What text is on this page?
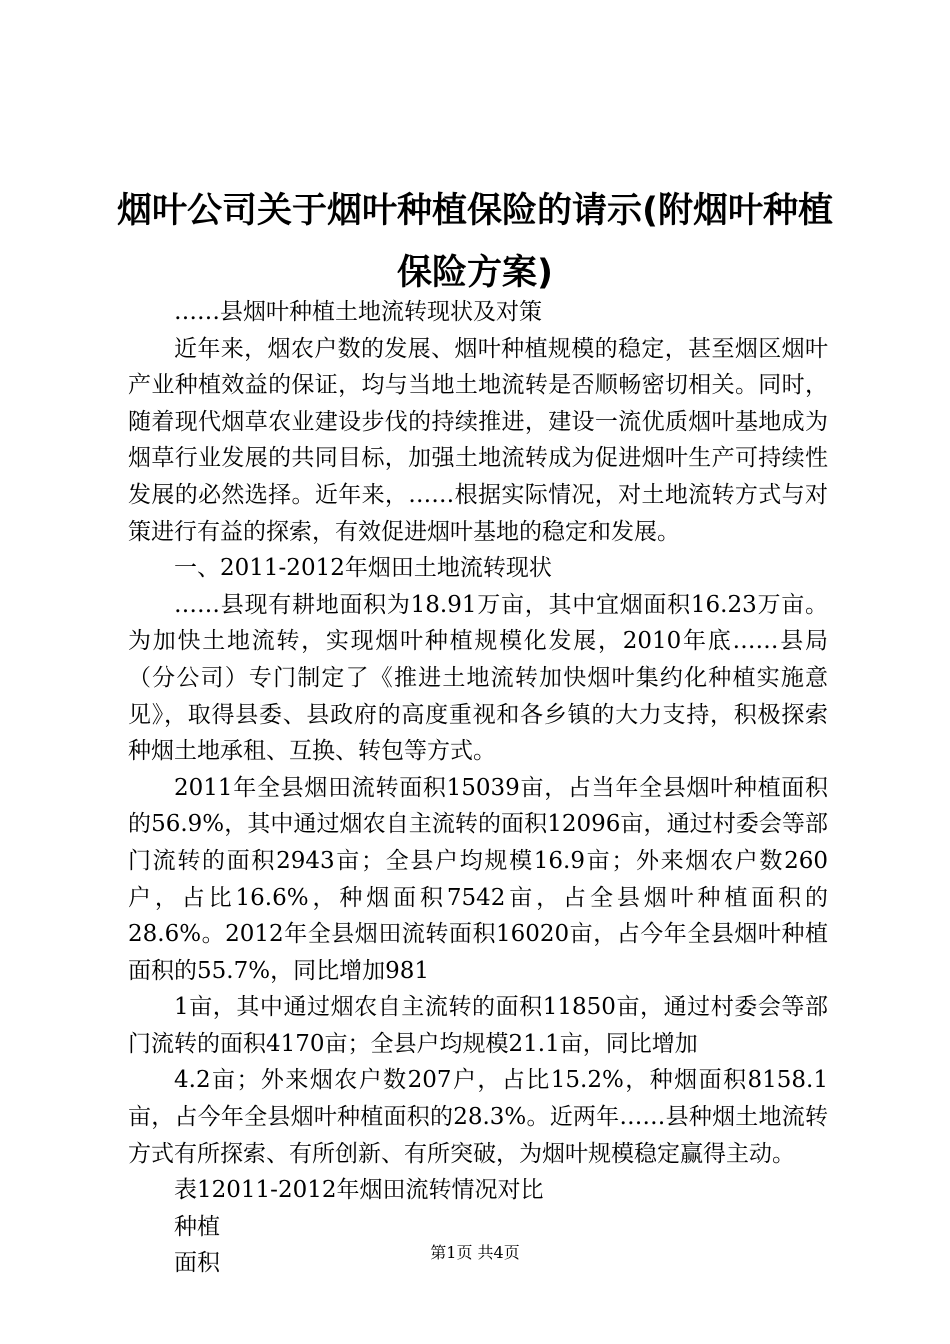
烟叶公司关于烟叶种植保险的请示(附烟叶种植保险方案)

……县烟叶种植土地流转现状及对策

近年来，烟农户数的发展、烟叶种植规模的稳定，甚至烟区烟叶产业种植效益的保证，均与当地土地流转是否顺畅密切相关。同时，随着现代烟草农业建设步伐的持续推进，建设一流优质烟叶基地成为烟草行业发展的共同目标，加强土地流转成为促进烟叶生产可持续性发展的必然选择。近年来，……根据实际情况，对土地流转方式与对策进行有益的探索，有效促进烟叶基地的稳定和发展。

一、2011-2012年烟田土地流转现状

……县现有耕地面积为18.91万亩，其中宜烟面积16.23万亩。为加快土地流转，实现烟叶种植规模化发展，2010年底……县局（分公司）专门制定了《推进土地流转加快烟叶集约化种植实施意见》，取得县委、县政府的高度重视和各乡镇的大力支持，积极探索种烟土地承租、互换、转包等方式。

2011年全县烟田流转面积15039亩，占当年全县烟叶种植面积的56.9%，其中通过烟农自主流转的面积12096亩，通过村委会等部门流转的面积2943亩；全县户均规模16.9亩；外来烟农户数260户，占比16.6%，种烟面积7542亩，占全县烟叶种植面积的28.6%。2012年全县烟田流转面积16020亩，占今年全县烟叶种植面积的55.7%，同比增加981

1亩，其中通过烟农自主流转的面积11850亩，通过村委会等部门流转的面积4170亩；全县户均规模21.1亩，同比增加

4.2亩；外来烟农户数207户，占比15.2%，种烟面积8158.1亩，占今年全县烟叶种植面积的28.3%。近两年……县种烟土地流转方式有所探索、有所创新、有所突破，为烟叶规模稳定赢得主动。

表12011-2012年烟田流转情况对比

种植

面积	第1页 共4页
